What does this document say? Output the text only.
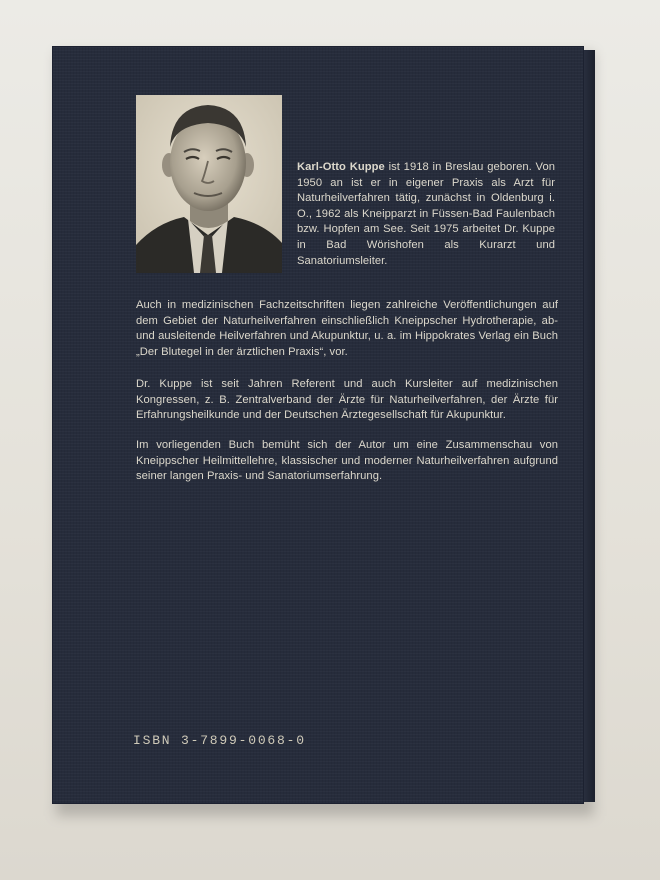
Karl-Otto Kuppe ist 1918 in Breslau geboren. Von 1950 an ist er in eigener Praxis als Arzt für Naturheilverfahren tätig, zunächst in Oldenburg i. O., 1962 als Kneipparzt in Füssen-Bad Faulenbach bzw. Hopfen am See. Seit 1975 arbeitet Dr. Kuppe in Bad Wörishofen als Kurarzt und Sanatoriumsleiter.
Auch in medizinischen Fachzeitschriften liegen zahlreiche Veröffentlichungen auf dem Gebiet der Naturheilverfahren einschließlich Kneippscher Hydrotherapie, ab- und ausleitende Heilverfahren und Akupunktur, u. a. im Hippokrates Verlag ein Buch „Der Blutegel in der ärztlichen Praxis“, vor.
Dr. Kuppe ist seit Jahren Referent und auch Kursleiter auf medizinischen Kongressen, z. B. Zentralverband der Ärzte für Naturheilverfahren, der Ärzte für Erfahrungsheilkunde und der Deutschen Ärztegesellschaft für Akupunktur.
Im vorliegenden Buch bemüht sich der Autor um eine Zusammenschau von Kneippscher Heilmittellehre, klassischer und moderner Naturheilverfahren aufgrund seiner langen Praxis- und Sanatoriumserfahrung.
ISBN 3-7899-0068-0
